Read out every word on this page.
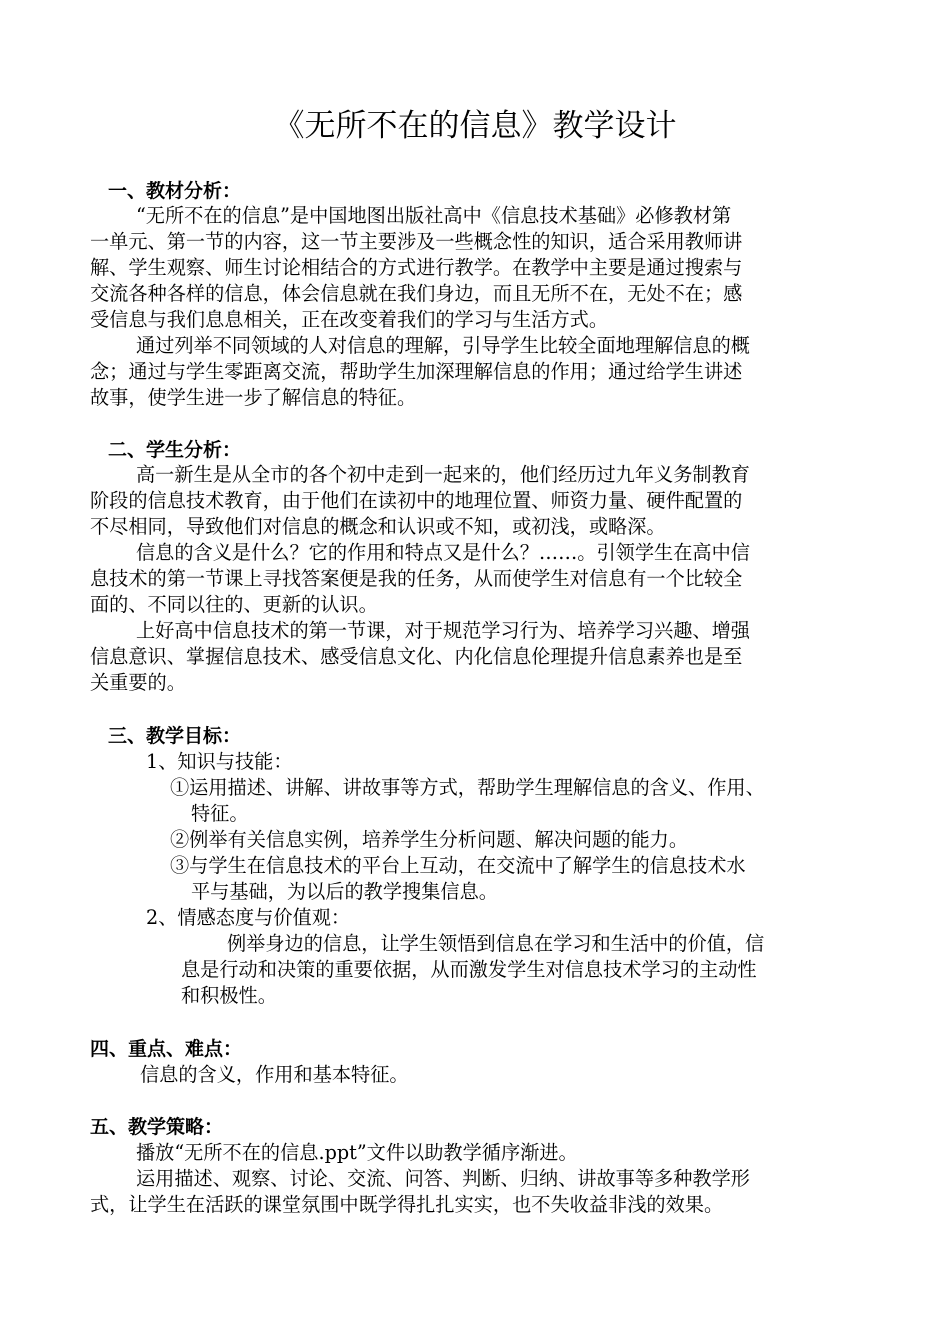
《无所不在的信息》教学设计
一、教材分析：
“无所不在的信息”是中国地图出版社高中《信息技术基础》必修教材第
一单元、第一节的内容，这一节主要涉及一些概念性的知识，适合采用教师讲
解、学生观察、师生讨论相结合的方式进行教学。在教学中主要是通过搜索与
交流各种各样的信息，体会信息就在我们身边，而且无所不在，无处不在；感
受信息与我们息息相关，正在改变着我们的学习与生活方式。
通过列举不同领域的人对信息的理解，引导学生比较全面地理解信息的概
念；通过与学生零距离交流，帮助学生加深理解信息的作用；通过给学生讲述
故事，使学生进一步了解信息的特征。
二、学生分析：
高一新生是从全市的各个初中走到一起来的，他们经历过九年义务制教育
阶段的信息技术教育，由于他们在读初中的地理位置、师资力量、硬件配置的
不尽相同，导致他们对信息的概念和认识或不知，或初浅，或略深。
信息的含义是什么？它的作用和特点又是什么？……。引领学生在高中信
息技术的第一节课上寻找答案便是我的任务，从而使学生对信息有一个比较全
面的、不同以往的、更新的认识。
上好高中信息技术的第一节课，对于规范学习行为、培养学习兴趣、增强
信息意识、掌握信息技术、感受信息文化、内化信息伦理提升信息素养也是至
关重要的。
三、教学目标：
1、知识与技能：
①运用描述、讲解、讲故事等方式，帮助学生理解信息的含义、作用、
特征。
②例举有关信息实例，培养学生分析问题、解决问题的能力。
③与学生在信息技术的平台上互动，在交流中了解学生的信息技术水
平与基础，为以后的教学搜集信息。
2、情感态度与价值观：
例举身边的信息，让学生领悟到信息在学习和生活中的价值，信
息是行动和决策的重要依据，从而激发学生对信息技术学习的主动性
和积极性。
四、重点、难点：
信息的含义，作用和基本特征。
五、教学策略：
播放“无所不在的信息.ppt”文件以助教学循序渐进。
运用描述、观察、讨论、交流、问答、判断、归纳、讲故事等多种教学形
式，让学生在活跃的课堂氛围中既学得扎扎实实，也不失收益非浅的效果。
